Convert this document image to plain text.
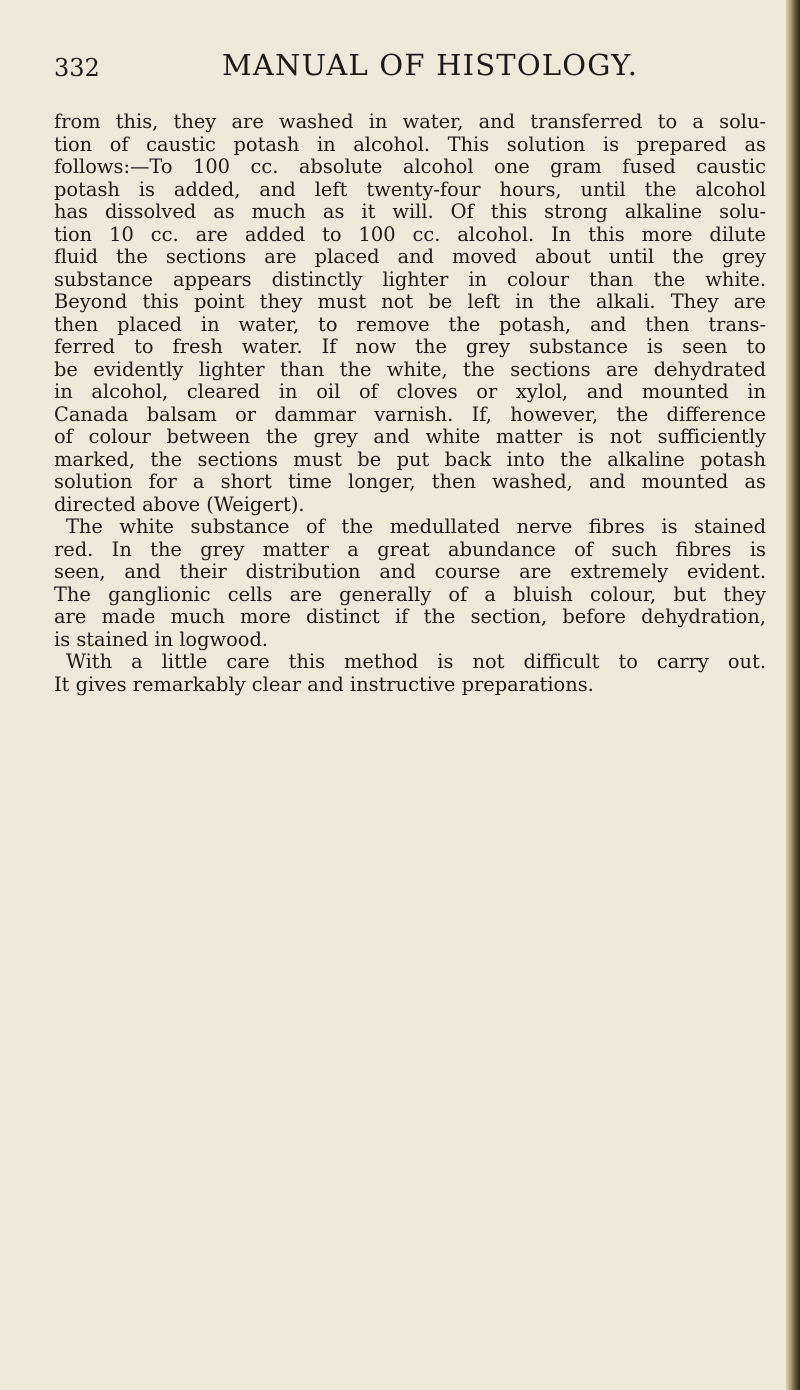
332	MANUAL OF HISTOLOGY.
from this, they are washed in water, and transferred to a solu-
tion of caustic potash in alcohol. This solution is prepared as
follows:—To 100 cc. absolute alcohol one gram fused caustic
potash is added, and left twenty-four hours, until the alcohol
has dissolved as much as it will. Of this strong alkaline solu-
tion 10 cc. are added to 100 cc. alcohol. In this more dilute
fluid the sections are placed and moved about until the grey
substance appears distinctly lighter in colour than the white.
Beyond this point they must not be left in the alkali. They are
then placed in water, to remove the potash, and then trans-
ferred to fresh water. If now the grey substance is seen to
be evidently lighter than the white, the sections are dehydrated
in alcohol, cleared in oil of cloves or xylol, and mounted in
Canada balsam or dammar varnish. If, however, the difference
of colour between the grey and white matter is not sufficiently
marked, the sections must be put back into the alkaline potash
solution for a short time longer, then washed, and mounted as
directed above (Weigert).
The white substance of the medullated nerve fibres is stained
red. In the grey matter a great abundance of such fibres is
seen, and their distribution and course are extremely evident.
The ganglionic cells are generally of a bluish colour, but they
are made much more distinct if the section, before dehydration,
is stained in logwood.
With a little care this method is not difficult to carry out.
It gives remarkably clear and instructive preparations.
